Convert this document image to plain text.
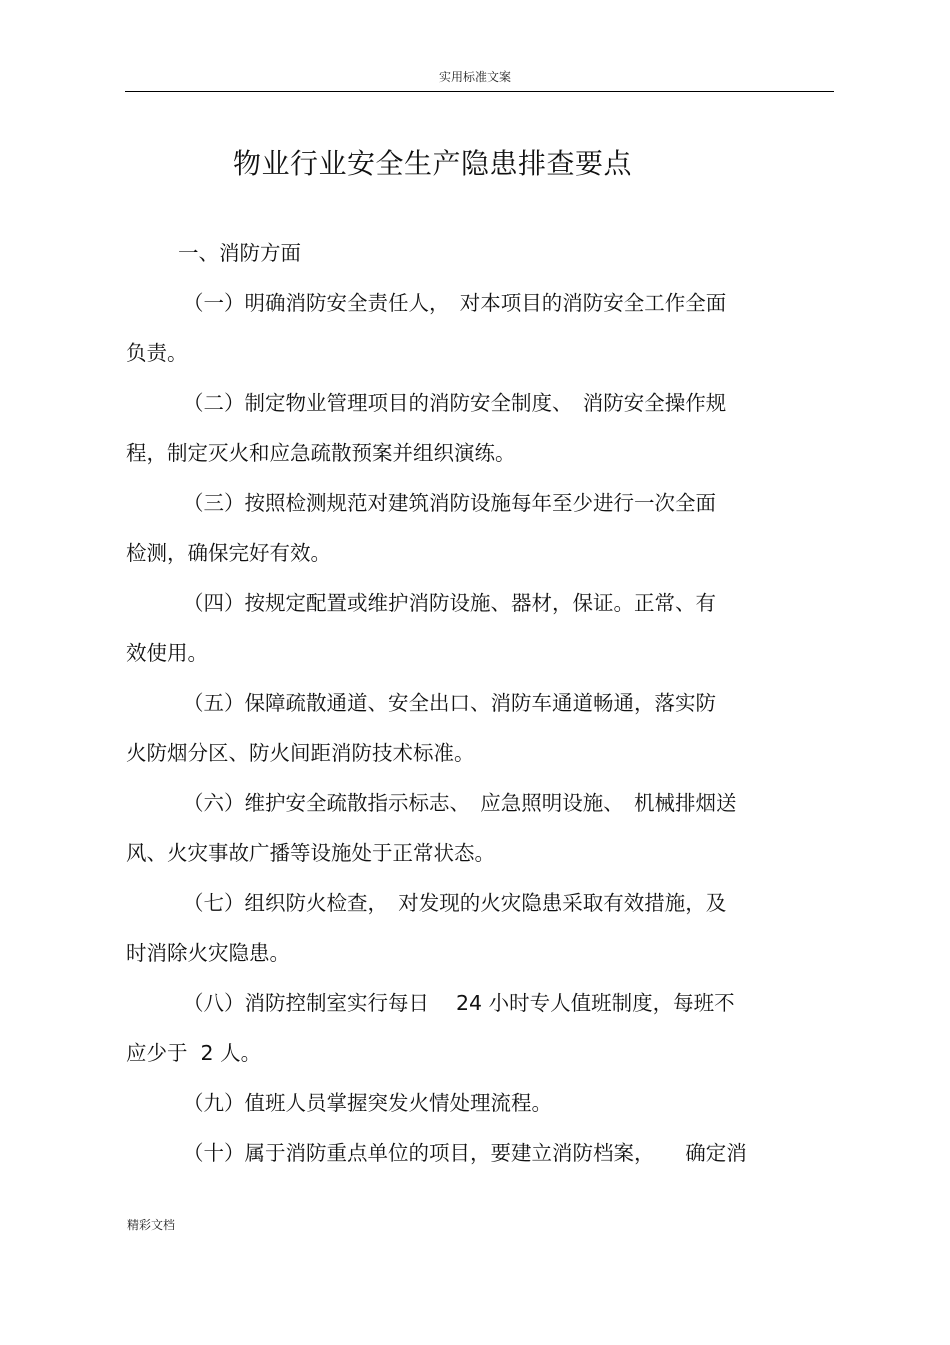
实用标准文案
物业行业安全生产隐患排查要点
一、消防方面
（一）明确消防安全责任人，　对本项目的消防安全工作全面
负责。
（二）制定物业管理项目的消防安全制度、　消防安全操作规
程，制定灭火和应急疏散预案并组织演练。
（三）按照检测规范对建筑消防设施每年至少进行一次全面
检测，确保完好有效。
（四）按规定配置或维护消防设施、器材，保证。正常、有
效使用。
（五）保障疏散通道、安全出口、消防车通道畅通，落实防
火防烟分区、防火间距消防技术标准。
（六）维护安全疏散指示标志、　应急照明设施、　机械排烟送
风、火灾事故广播等设施处于正常状态。
（七）组织防火检查，　对发现的火灾隐患采取有效措施，及
时消除火灾隐患。
（八）消防控制室实行每日　 24 小时专人值班制度，每班不
应少于  2 人。
（九）值班人员掌握突发火情处理流程。
（十）属于消防重点单位的项目，要建立消防档案，　　确定消
精彩文档
